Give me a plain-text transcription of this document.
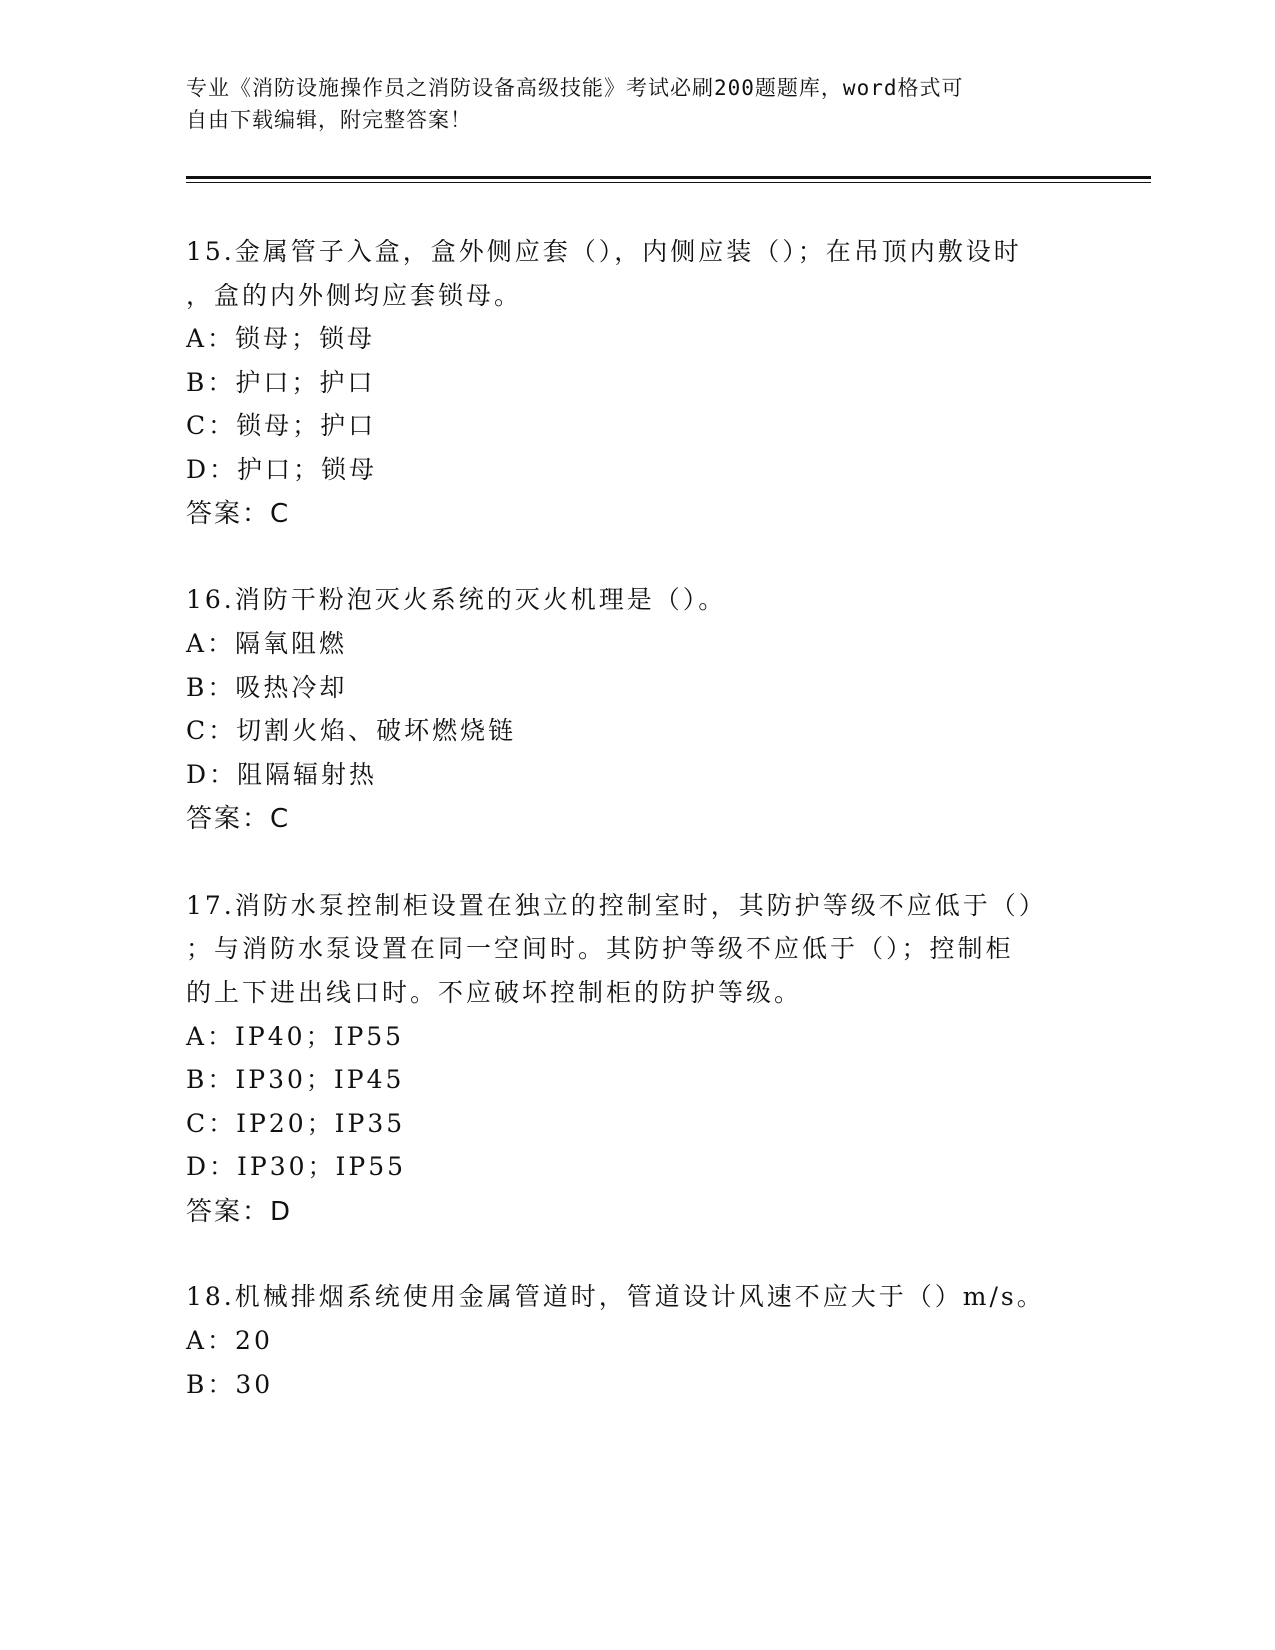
专业《消防设施操作员之消防设备高级技能》考试必刷200题题库，word格式可

自由下载编辑，附完整答案！

15.金属管子入盒，盒外侧应套（），内侧应装（）；在吊顶内敷设时

，盒的内外侧均应套锁母。

A：锁母；锁母

B：护口；护口

C：锁母；护口

D：护口；锁母

答案：C

16.消防干粉泡灭火系统的灭火机理是（）。

A：隔氧阻燃

B：吸热冷却

C：切割火焰、破坏燃烧链

D：阻隔辐射热

答案：C

17.消防水泵控制柜设置在独立的控制室时，其防护等级不应低于（）

；与消防水泵设置在同一空间时。其防护等级不应低于（）；控制柜

的上下进出线口时。不应破坏控制柜的防护等级。

A：IP40；IP55

B：IP30；IP45

C：IP20；IP35

D：IP30；IP55

答案：D

18.机械排烟系统使用金属管道时，管道设计风速不应大于（）m/s。

A：20

B：30
